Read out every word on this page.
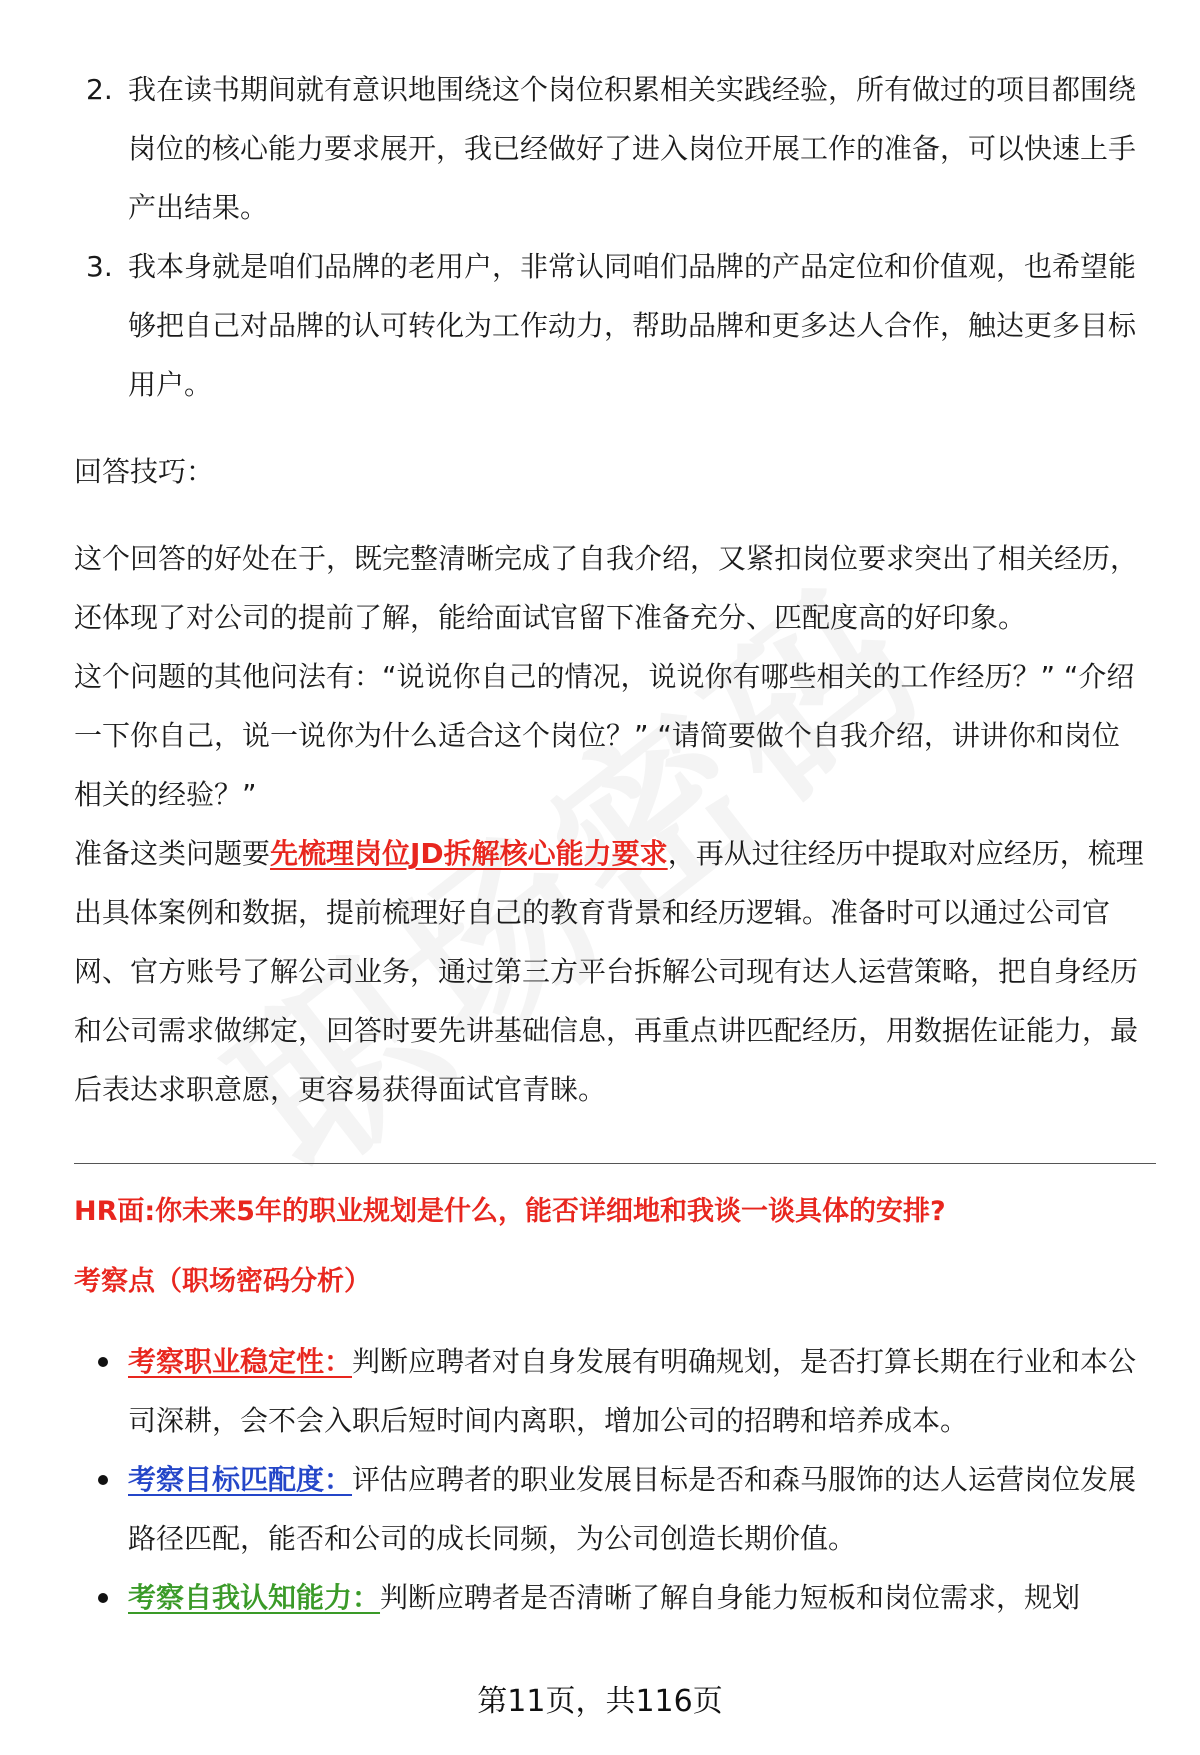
2. 我在读书期间就有意识地围绕这个岗位积累相关实践经验，所有做过的项目都围绕岗位的核心能力要求展开，我已经做好了进入岗位开展工作的准备，可以快速上手产出结果。
3. 我本身就是咱们品牌的老用户，非常认同咱们品牌的产品定位和价值观，也希望能够把自己对品牌的认可转化为工作动力，帮助品牌和更多达人合作，触达更多目标用户。

回答技巧：

这个回答的好处在于，既完整清晰完成了自我介绍，又紧扣岗位要求突出了相关经历，还体现了对公司的提前了解，能给面试官留下准备充分、匹配度高的好印象。

这个问题的其他问法有：“说说你自己的情况，说说你有哪些相关的工作经历？” “介绍一下你自己，说一说你为什么适合这个岗位？” “请简要做个自我介绍，讲讲你和岗位相关的经验？”

准备这类问题要先梳理岗位JD拆解核心能力要求，再从过往经历中提取对应经历，梳理出具体案例和数据，提前梳理好自己的教育背景和经历逻辑。准备时可以通过公司官网、官方账号了解公司业务，通过第三方平台拆解公司现有达人运营策略，把自身经历和公司需求做绑定，回答时要先讲基础信息，再重点讲匹配经历，用数据佐证能力，最后表达求职意愿，更容易获得面试官青睐。

HR面:你未来5年的职业规划是什么，能否详细地和我谈一谈具体的安排?

考察点（职场密码分析）

考察职业稳定性：判断应聘者对自身发展有明确规划，是否打算长期在行业和本公司深耕，会不会入职后短时间内离职，增加公司的招聘和培养成本。
考察目标匹配度：评估应聘者的职业发展目标是否和森马服饰的达人运营岗位发展路径匹配，能否和公司的成长同频，为公司创造长期价值。
考察自我认知能力：判断应聘者是否清晰了解自身能力短板和岗位需求，规划
第11页，共116页
